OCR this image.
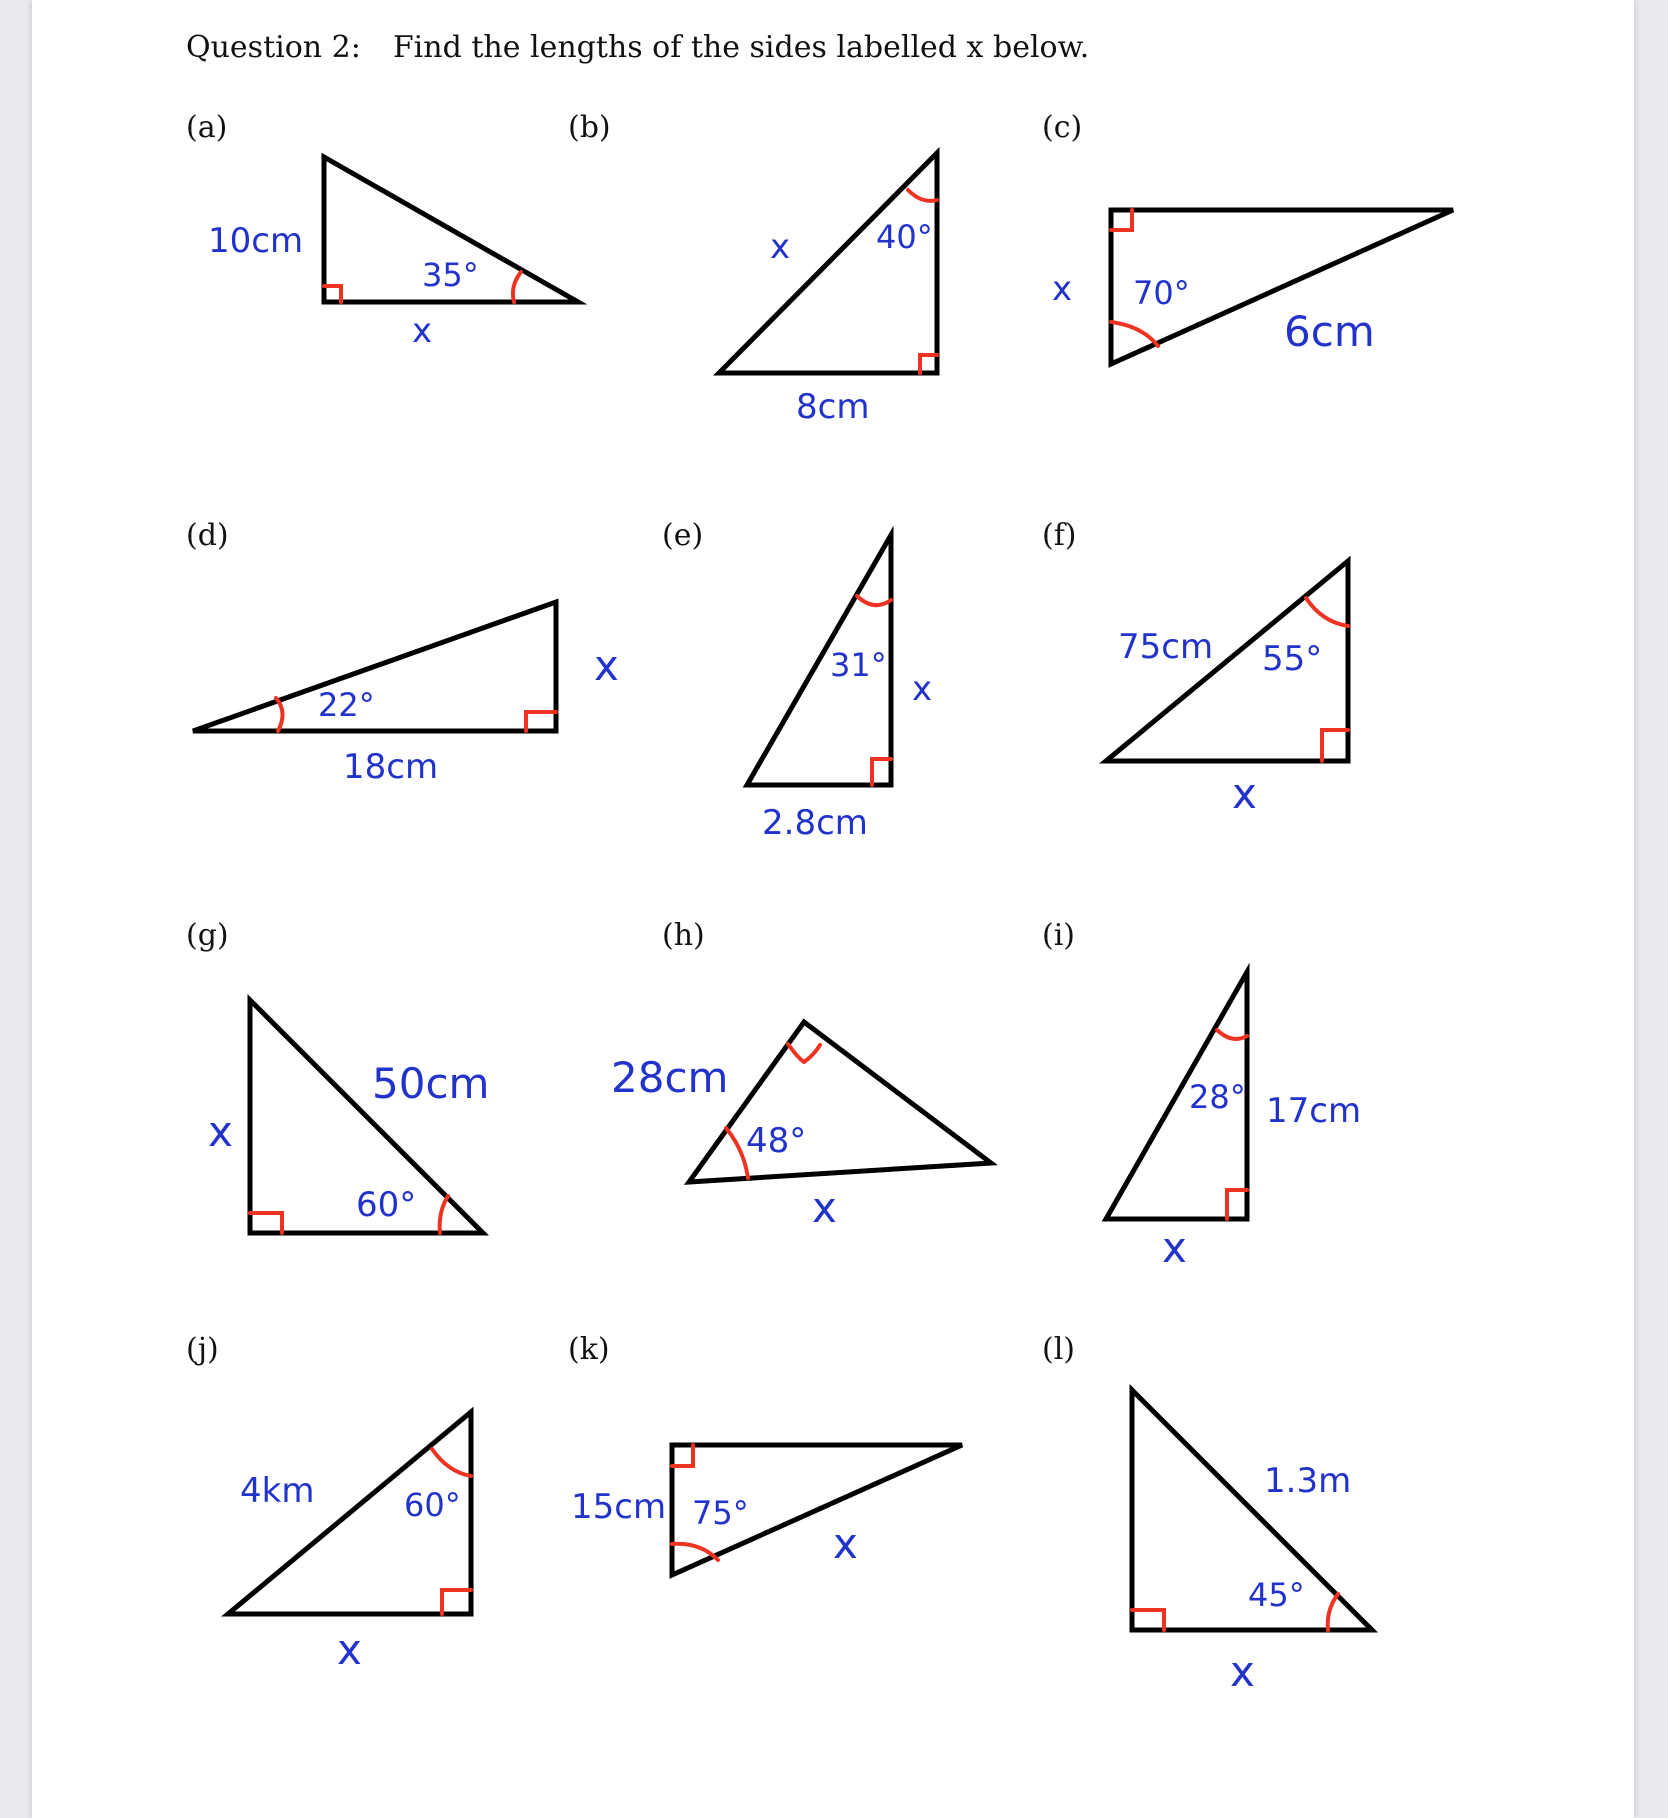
Question 2: Find the lengths of the sides labelled x below.
(a)	(b)	(c)
(d)	(e)	(f)
(g)	(h)	(i)
(j)	(k)	(l)
10cm
35°
x
40°
x
8cm
x 70°
6cm
22°
18cm
x	31°
x
2.8cm
75cm 55°
x
x
50cm
60°
28cm
48°
x
28° 17cm
x
4km	60°
x
15cm 75°
x
1.3m
45°
x
